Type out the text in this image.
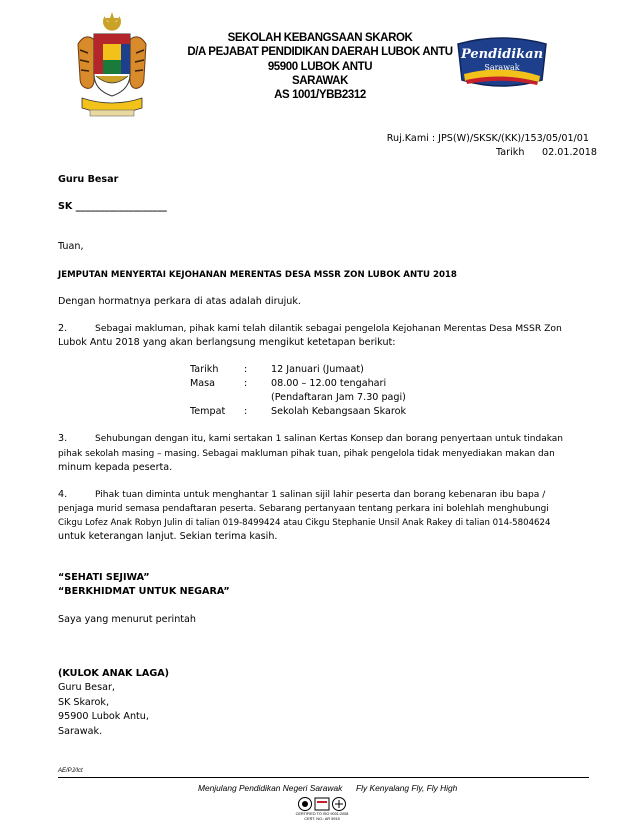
SEKOLAH KEBANGSAAN SKAROK
D/A PEJABAT PENDIDIKAN DAERAH LUBOK ANTU
95900 LUBOK ANTU
SARAWAK
AS 1001/YBB2312
Pendidikan
Sarawak
Ruj.Kami : JPS(W)/SKSK/(KK)/153/05/01/01
Tarikh 02.01.2018
Guru Besar
SK ___________________
Tuan,
JEMPUTAN MENYERTAI KEJOHANAN MERENTAS DESA MSSR ZON LUBOK ANTU 2018
Dengan hormatnya perkara di atas adalah dirujuk.
2.	Sebagai makluman, pihak kami telah dilantik sebagai pengelola Kejohanan Merentas Desa MSSR Zon
Lubok Antu 2018 yang akan berlangsung mengikut ketetapan berikut:
Tarikh	: 12 Januari (Jumaat)
Masa	: 08.00 – 12.00 tengahari
(Pendaftaran Jam 7.30 pagi)
Tempat : Sekolah Kebangsaan Skarok
3.	Sehubungan dengan itu, kami sertakan 1 salinan Kertas Konsep dan borang penyertaan untuk tindakan
pihak sekolah masing – masing. Sebagai makluman pihak tuan, pihak pengelola tidak menyediakan makan dan
minum kepada peserta.
4.	Pihak tuan diminta untuk menghantar 1 salinan sijil lahir peserta dan borang kebenaran ibu bapa /
penjaga murid semasa pendaftaran peserta. Sebarang pertanyaan tentang perkara ini bolehlah menghubungi
Cikgu Lofez Anak Robyn Julin di talian 019-8499424 atau Cikgu Stephanie Unsil Anak Rakey di talian 014-5804624
untuk keterangan lanjut. Sekian terima kasih.
“SEHATI SEJIWA”
“BERKHIDMAT UNTUK NEGARA”
Saya yang menurut perintah
(KULOK ANAK LAGA)
Guru Besar,
SK Skarok,
95900 Lubok Antu,
Sarawak.
AE/PJ/Ict
Menjulang Pendidikan Negeri Sarawak Fly Kenyalang Fly, Fly High
CERTIFIED TO ISO 9001:2008
CERT. NO.: AR 5915
